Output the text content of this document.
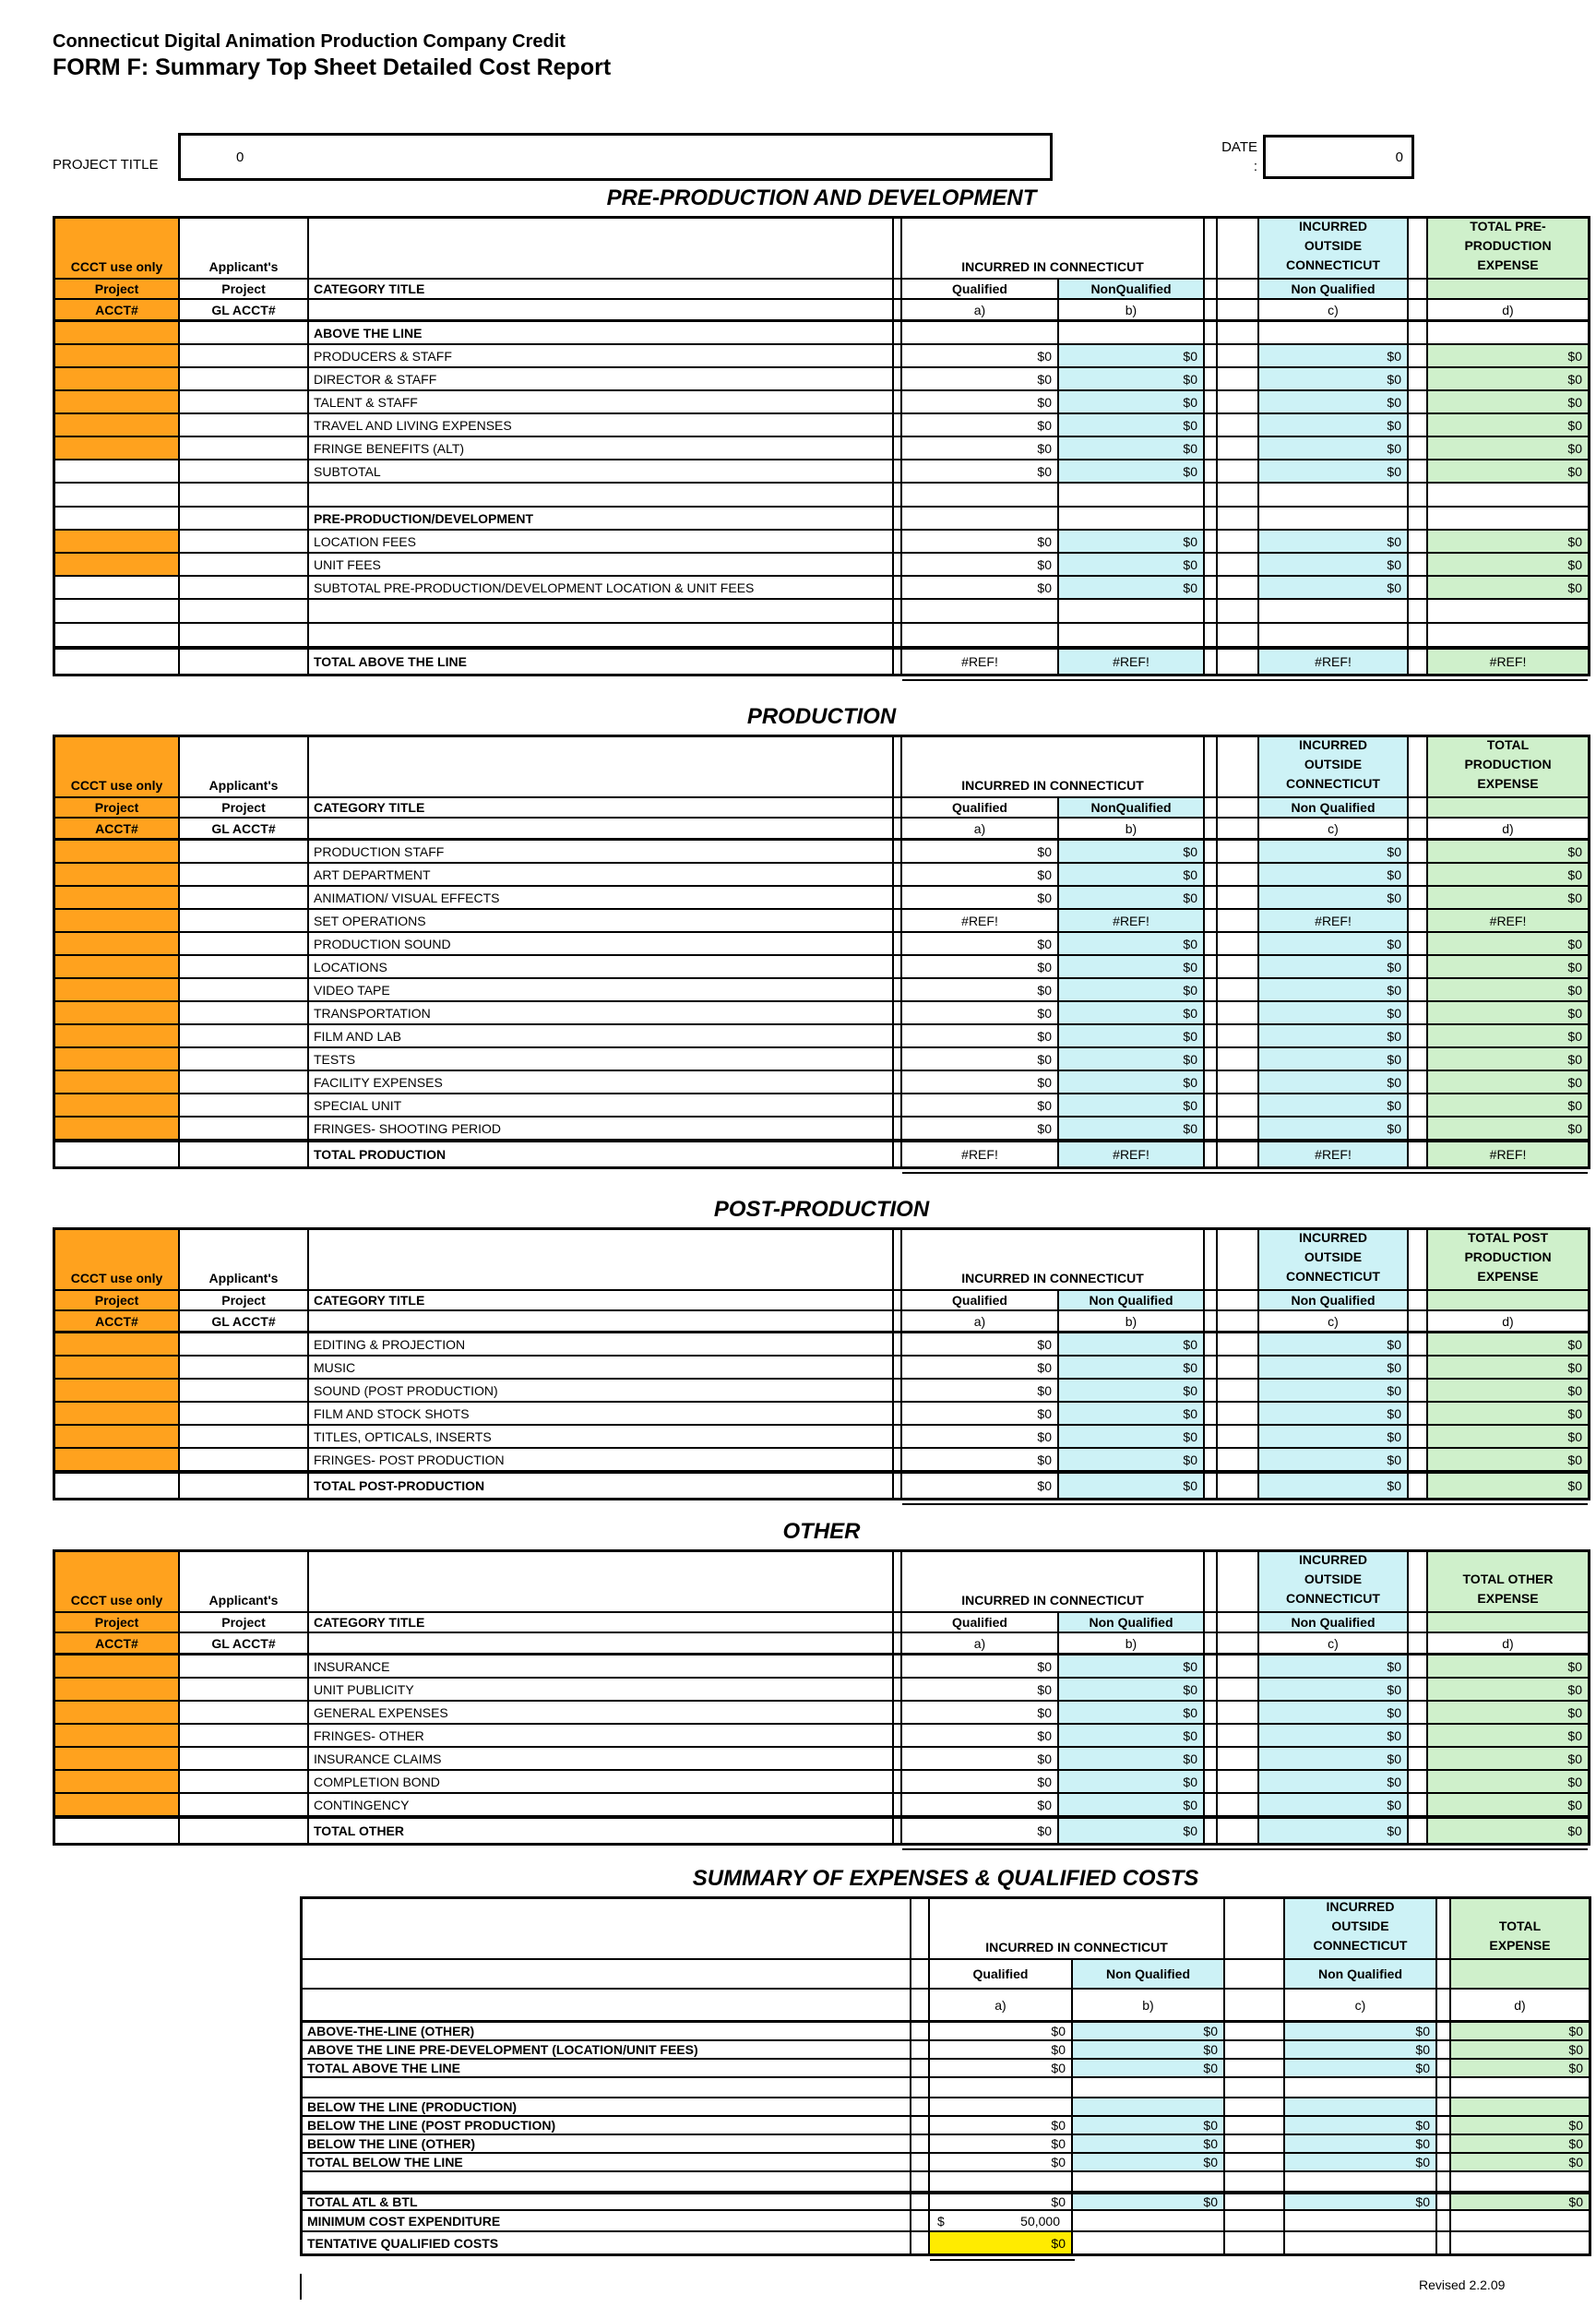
Connecticut Digital Animation Production Company Credit
FORM F: Summary Top Sheet Detailed Cost Report
PROJECT TITLE	0
DATE
:
0
PRE-PRODUCTION AND DEVELOPMENT
CCCT use only	Applicant's	INCURRED IN CONNECTICUT
INCURRED
OUTSIDE
CONNECTICUT
TOTAL PRE-
PRODUCTION
EXPENSE
Project	Project	CATEGORY TITLE	Qualified	NonQualified	Non Qualified
ACCT#	GL ACCT#	a)	b)	c)	d)
ABOVE THE LINE
PRODUCERS & STAFF	$0	$0	$0	$0
DIRECTOR & STAFF	$0	$0	$0	$0
TALENT & STAFF	$0	$0	$0	$0
TRAVEL AND LIVING EXPENSES	$0	$0	$0	$0
FRINGE BENEFITS (ALT)	$0	$0	$0	$0
SUBTOTAL	$0	$0	$0	$0
PRE-PRODUCTION/DEVELOPMENT
LOCATION FEES	$0	$0	$0	$0
UNIT FEES	$0	$0	$0	$0
SUBTOTAL PRE-PRODUCTION/DEVELOPMENT LOCATION & UNIT FEES	$0	$0	$0	$0
TOTAL ABOVE THE LINE	#REF!	#REF!	#REF!	#REF!
PRODUCTION
CCCT use only	Applicant's	INCURRED IN CONNECTICUT
INCURRED
OUTSIDE
CONNECTICUT
TOTAL
PRODUCTION
EXPENSE
Project	Project	CATEGORY TITLE	Qualified	NonQualified	Non Qualified
ACCT#	GL ACCT#	a)	b)	c)	d)
PRODUCTION STAFF	$0	$0	$0	$0
ART DEPARTMENT	$0	$0	$0	$0
ANIMATION/ VISUAL EFFECTS	$0	$0	$0	$0
SET OPERATIONS	#REF!	#REF!	#REF!	#REF!
PRODUCTION SOUND	$0	$0	$0	$0
LOCATIONS	$0	$0	$0	$0
VIDEO TAPE	$0	$0	$0	$0
TRANSPORTATION	$0	$0	$0	$0
FILM AND LAB	$0	$0	$0	$0
TESTS	$0	$0	$0	$0
FACILITY EXPENSES	$0	$0	$0	$0
SPECIAL UNIT	$0	$0	$0	$0
FRINGES- SHOOTING PERIOD	$0	$0	$0	$0
TOTAL PRODUCTION	#REF!	#REF!	#REF!	#REF!
POST-PRODUCTION
CCCT use only	Applicant's	INCURRED IN CONNECTICUT
INCURRED
OUTSIDE
CONNECTICUT
TOTAL POST
PRODUCTION
EXPENSE
Project	Project	CATEGORY TITLE	Qualified	Non Qualified	Non Qualified
ACCT#	GL ACCT#	a)	b)	c)	d)
EDITING & PROJECTION	$0	$0	$0	$0
MUSIC	$0	$0	$0	$0
SOUND (POST PRODUCTION)	$0	$0	$0	$0
FILM AND STOCK SHOTS	$0	$0	$0	$0
TITLES, OPTICALS, INSERTS	$0	$0	$0	$0
FRINGES- POST PRODUCTION	$0	$0	$0	$0
TOTAL POST-PRODUCTION	$0	$0	$0	$0
OTHER
CCCT use only	Applicant's	INCURRED IN CONNECTICUT
INCURRED
OUTSIDE
CONNECTICUT
TOTAL OTHER
EXPENSE
Project	Project	CATEGORY TITLE	Qualified	Non Qualified	Non Qualified
ACCT#	GL ACCT#	a)	b)	c)	d)
INSURANCE	$0	$0	$0	$0
UNIT PUBLICITY	$0	$0	$0	$0
GENERAL EXPENSES	$0	$0	$0	$0
FRINGES- OTHER	$0	$0	$0	$0
INSURANCE CLAIMS	$0	$0	$0	$0
COMPLETION BOND	$0	$0	$0	$0
CONTINGENCY	$0	$0	$0	$0
TOTAL OTHER	$0	$0	$0	$0
SUMMARY OF EXPENSES & QUALIFIED COSTS
INCURRED IN CONNECTICUT
INCURRED
OUTSIDE
CONNECTICUT
TOTAL
EXPENSE
Qualified	Non Qualified	Non Qualified
a)	b)	c)	d)
ABOVE-THE-LINE (OTHER)	$0	$0	$0	$0
ABOVE THE LINE PRE-DEVELOPMENT (LOCATION/UNIT FEES)	$0	$0	$0	$0
TOTAL ABOVE THE LINE	$0	$0	$0	$0
BELOW THE LINE (PRODUCTION)
BELOW THE LINE (POST PRODUCTION)	$0	$0	$0	$0
BELOW THE LINE (OTHER)	$0	$0	$0	$0
TOTAL BELOW THE LINE	$0	$0	$0	$0
TOTAL ATL & BTL	$0	$0	$0	$0
MINIMUM COST EXPENDITURE	$	50,000
TENTATIVE QUALIFIED COSTS	$0
Revised 2.2.09
